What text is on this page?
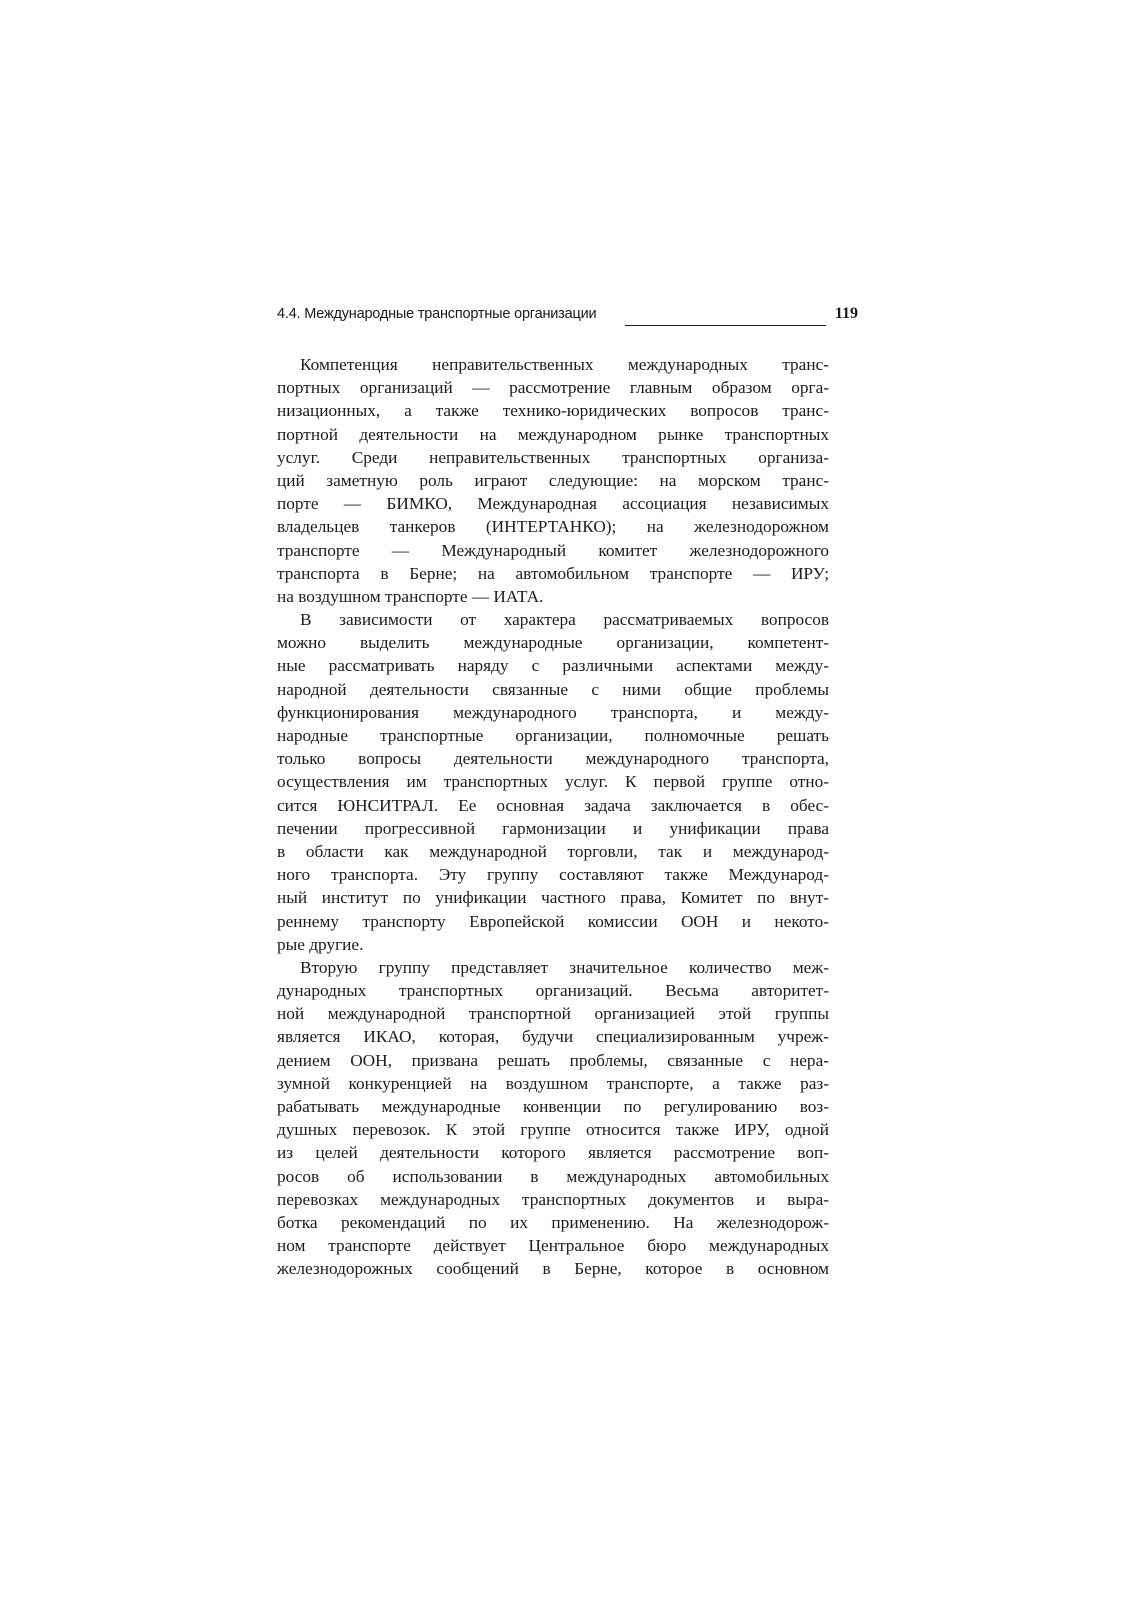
4.4. Международные транспортные организации	119

Компетенция неправительственных международных транс-
портных организаций — рассмотрение главным образом орга-
низационных, а также технико-юридических вопросов транс-
портной деятельности на международном рынке транспортных
услуг. Среди неправительственных транспортных организа-
ций заметную роль играют следующие: на морском транс-
порте — БИМКО, Международная ассоциация независимых
владельцев танкеров (ИНТЕРТАНКО); на железнодорожном
транспорте — Международный комитет железнодорожного
транспорта в Берне; на автомобильном транспорте — ИРУ;
на воздушном транспорте — ИАТА.

В зависимости от характера рассматриваемых вопросов
можно выделить международные организации, компетент-
ные рассматривать наряду с различными аспектами между-
народной деятельности связанные с ними общие проблемы
функционирования международного транспорта, и между-
народные транспортные организации, полномочные решать
только вопросы деятельности международного транспорта,
осуществления им транспортных услуг. К первой группе отно-
сится ЮНСИТРАЛ. Ее основная задача заключается в обес-
печении прогрессивной гармонизации и унификации права
в области как международной торговли, так и международ-
ного транспорта. Эту группу составляют также Международ-
ный институт по унификации частного права, Комитет по внут-
реннему транспорту Европейской комиссии ООН и некото-
рые другие.

Вторую группу представляет значительное количество меж-
дународных транспортных организаций. Весьма авторитет-
ной международной транспортной организацией этой группы
является ИКАО, которая, будучи специализированным учреж-
дением ООН, призвана решать проблемы, связанные с нера-
зумной конкуренцией на воздушном транспорте, а также раз-
рабатывать международные конвенции по регулированию воз-
душных перевозок. К этой группе относится также ИРУ, одной
из целей деятельности которого является рассмотрение воп-
росов об использовании в международных автомобильных
перевозках международных транспортных документов и выра-
ботка рекомендаций по их применению. На железнодорож-
ном транспорте действует Центральное бюро международных
железнодорожных сообщений в Берне, которое в основном
